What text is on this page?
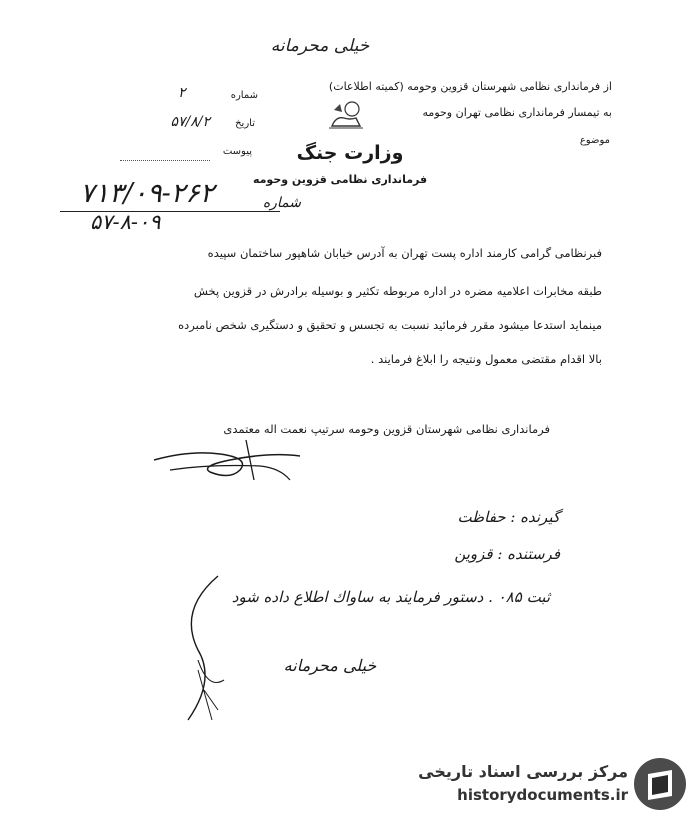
خیلی محرمانه
از فرماندارى نظامى شهرستان قزوين وحومه (كميته اطلاعات)
به تيمسار فرماندارى نظامى تهران وحومه
موضوع
شماره
۲
تاريخ
۵۷/۸/۲
پيوست	وزارت جنگ
فرماندارى نظامى قزوين وحومه
۷۱۳/۰۹-۲۶۲
۵۷-۸-۰۹
شماره
فبرنظامى گرامى كارمند اداره پست تهران به آدرس خيابان شاهپور ساختمان سپيده
طبقه مخابرات اعلاميه مضره در اداره مربوطه تكثير و بوسيله برادرش در قزوين پخش
مينمايد استدعا ميشود مقرر فرمائيد نسبت به تجسس و تحقيق و دستگيرى شخص نامبرده
بالا اقدام مقتضى معمول ونتيجه را ابلاغ فرمايند .
فرماندارى نظامى شهرستان قزوين وحومه سرتيپ نعمت اله معتمدى
گيرنده : حفاظت
فرستنده : قزوين
ثبت ۰۸۵ . دستور فرمايند به ساواك اطلاع داده شود
خيلى محرمانه
مركز بررسى اسناد تاريخى
historydocuments.ir
